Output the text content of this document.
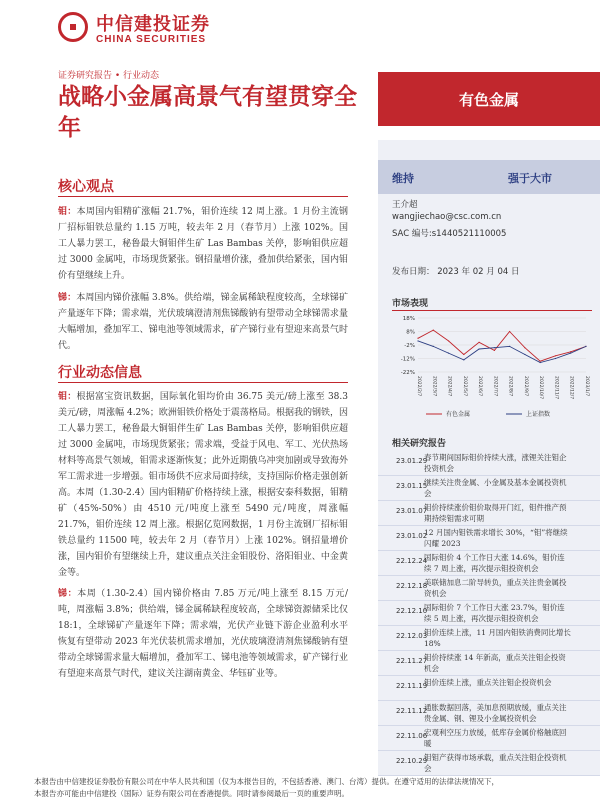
中信建投证券
CHINA SECURITIES
证券研究报告 • 行业动态
战略小金属高景气有望贯穿全年
有色金属
核心观点
钼：本周国内钼精矿涨幅 21.7%，钼价连续 12 周上涨。1 月份主流钢厂招标钼铁总量约 1.15 万吨，较去年 2 月（春节月）上涨 102%。国工人暴力罢工，秘鲁最大铜钼伴生矿 Las Bambas 关停，影响钼供应超过 3000 金属吨，市场现货紧张。钢招量增价涨，叠加供给紧张，国内钼价有望继续上升。
锑：本周国内锑价涨幅 3.8%。供给端，锑金属稀缺程度较高，全球锑矿产量逐年下降；需求端，光伏玻璃澄清剂焦锑酸钠有望带动全球锑需求量大幅增加，叠加军工、锑电池等领域需求，矿产锑行业有望迎来高景气时代。
行业动态信息
钼：根据富宝资讯数据，国际氧化钼均价由 36.75 美元/磅上涨至 38.3 美元/磅，周涨幅 4.2%；欧洲钼铁价格处于震荡格局。根据我的钢铁，因工人暴力罢工，秘鲁最大铜钼伴生矿 Las Bambas 关停，影响钼供应超过 3000 金属吨，市场现货紧张；需求端，受益于风电、军工、光伏热场材料等高景气领域，钼需求逐渐恢复；此外近期俄乌冲突加剧或导致海外军工需求进一步增强。钼市场供不应求局面持续，支持国际价格走强创新高。本周（1.30-2.4）国内钼精矿价格持续上涨，根据安泰科数据，钼精矿（45%-50%）由 4510 元/吨度上涨至 5490 元/吨度，周涨幅 21.7%，钼价连续 12 周上涨。根据亿览网数据，1 月份主流钢厂招标钼铁总量约 11500 吨，较去年 2 月（春节月）上涨 102%。钢招量增价涨，国内钼价有望继续上升，建议重点关注金钼股份、洛阳钼业、中金黄金等。
锑：本周（1.30-2.4）国内锑价格由 7.85 万元/吨上涨至 8.15 万元/吨，周涨幅 3.8%；供给端，锑金属稀缺程度较高，全球锑资源储采比仅 18:1，全球锑矿产量逐年下降；需求端，光伏产业链下游企业盈利水平恢复有望带动 2023 年光伏装机需求增加，光伏玻璃澄清剂焦锑酸钠有望带动全球锑需求量大幅增加，叠加军工、锑电池等领域需求，矿产锑行业有望迎来高景气时代，建议关注湖南黄金、华钰矿业等。
维持	强于大市
王介超
wangjiechao@csc.com.cn
SAC 编号:s1440521110005
发布日期： 2023 年 02 月 04 日
市场表现
18%
8%
-2%
-12%
-22%
2022/2/7 2022/3/7 2022/4/7 2022/5/7 2022/6/7 2022/7/7 2022/8/7 2022/9/7 2022/10/7 2022/11/7 2022/12/7 2023/1/7
有色金属	上证指数
相关研究报告
23.01.29
春节期间国际钼价持续大涨，涨锂关注钼企投资机会
23.01.15
继续关注贵金属、小金属及基本金属投资机会
23.01.07
钼价持续涨价钼价取得开门红，钼件推产预期持续钼需求可期
23.01.02
12 月国内钼铁需求增长 30%，“钼”将继续闪耀 2023
22.12.24
国际钼价 4 个工作日大涨 14.6%，钼价连续 7 周上涨，再次提示钼投资机会
22.12.18
美联储加息二阶导转负，重点关注贵金属投资机会
22.12.10
国际钼价 7 个工作日大涨 23.7%，钼价连续 5 周上涨，再次提示钼投资机会
22.12.03
钼价连续上涨，11 月国内钼铁消费同比增长 18%
22.11.27
钼价持续涨 14 年新高，重点关注钼企投资机会
22.11.19
钼价连续上涨，重点关注钼企投资机会
22.11.12
通胀数据回落，美加息预期放缓，重点关注贵金属、钢、锂及小金属投资机会
22.11.06
宏观利空压力放缓，低库存金属价格触底回暖
22.10.29
钼钼产获得市场承载，重点关注钼企投资机会
本报告由中信建投证券股份有限公司在中华人民共和国（仅为本报告目的，不包括香港、澳门、台湾）提供。在遵守适用的法律法规情况下，
本报告亦可能由中信建投（国际）证券有限公司在香港提供。同时请参阅最后一页的重要声明。
